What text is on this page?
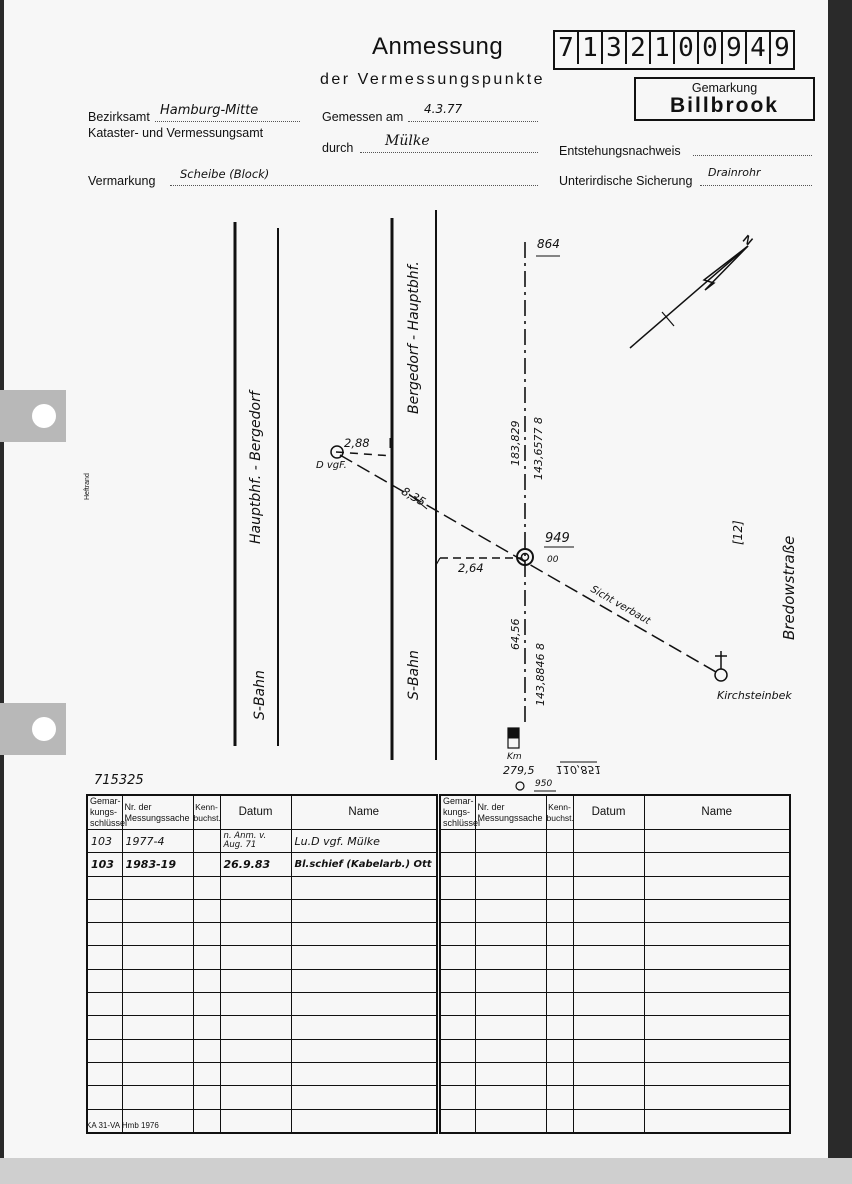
Heftrand
Anmessung
der Vermessungspunkte
7 1 3 2 1 0 0 9 4 9
Gemarkung
Billbrook
Bezirksamt Hamburg-Mitte
Kataster- und Vermessungsamt
Gemessen am
4.3.77
durch Mülke
Entstehungsnachweis
Vermarkung Scheibe (Block)	Unterirdische Sicherung
Drainrohr
Hauptbhf. - Bergedorf
S-Bahn
Bergedorf - Hauptbhf.
S-Bahn
864
183,829 143,6577 8
D vgF.
2,88
8,35
2,64
949
00
Sicht verbaut
64,56
143,8846 8
Km
279,5 110,851
950
[12]
Bredowstraße
Kirchsteinbek
N
715325
Gemar-kungs-schlüssel	Nr. der Messungssache	Kenn-buchst.	Datum	Name
103	1977-4		n. Anm. v. Aug. 71	Lu.D vgf. Mülke
103	1983-19		26.9.83	Bl.schief (Kabelarb.) Ott

Gemar-kungs-schlüssel	Nr. der Messungssache	Kenn-buchst.	Datum	Name

KA 31-VA Hmb 1976
